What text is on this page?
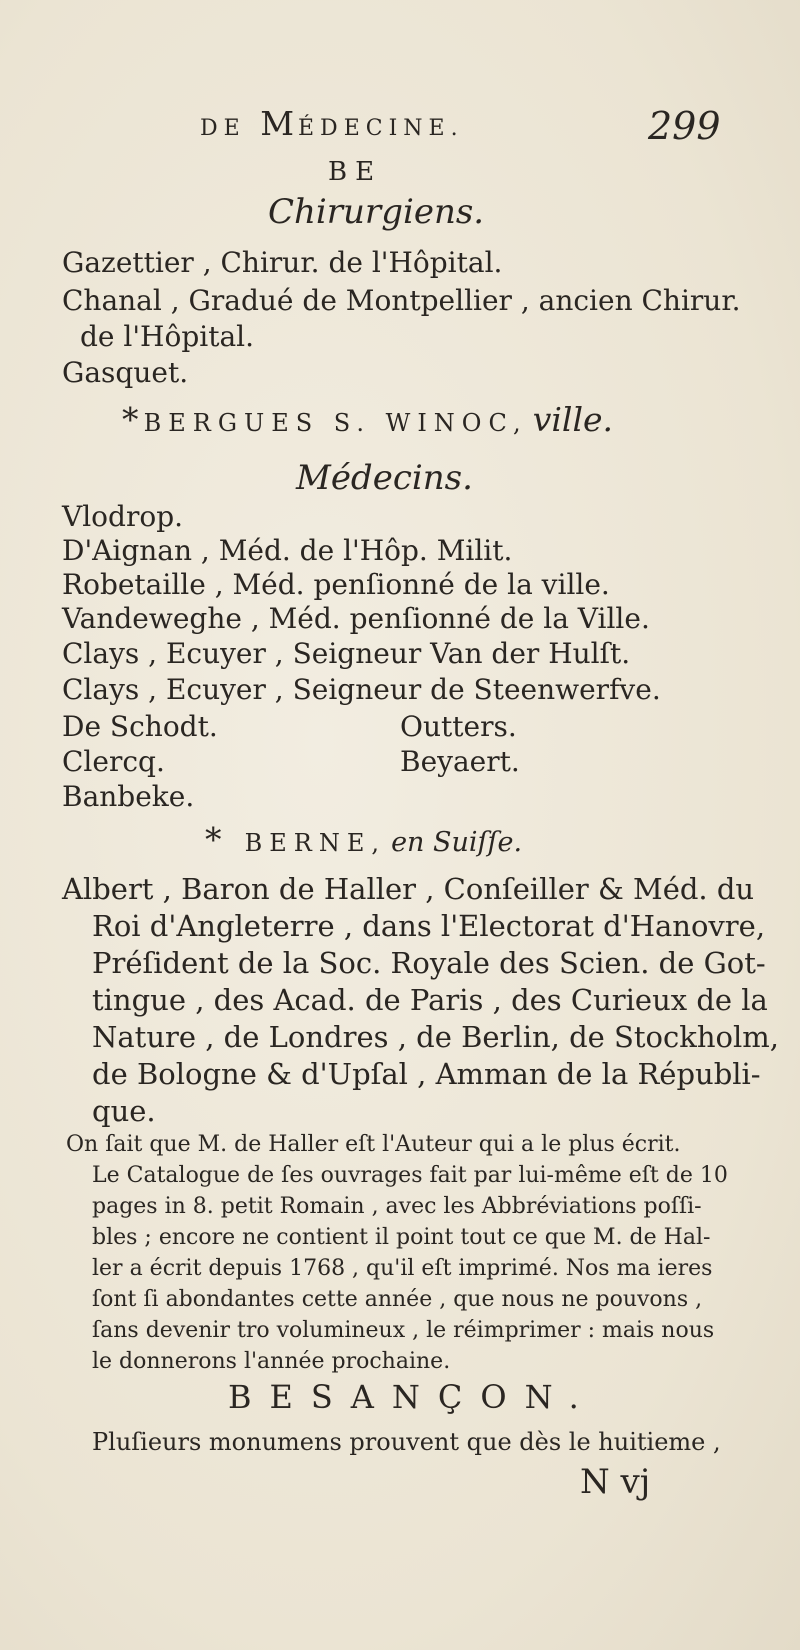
DE MÉDECINE.	299
BE
Chirurgiens.
Gazettier , Chirur. de l'Hôpital.
Chanal , Gradué de Montpellier , ancien Chirur.
de l'Hôpital.
Gasquet.
* BERGUES S. WINOC, ville.
Médecins.
Vlodrop.
D'Aignan , Méd. de l'Hôp. Milit.
Robetaille , Méd. penſionné de la ville.
Vandeweghe , Méd. penſionné de la Ville.
Clays , Ecuyer , Seigneur Van der Hulſt.
Clays , Ecuyer , Seigneur de Steenwerfve.
De Schodt.	Outters.
Clercq.	Beyaert.
Banbeke.
* BERNE, en Suiſſe.
Albert , Baron de Haller , Conſeiller & Méd. du
Roi d'Angleterre , dans l'Electorat d'Hanovre,
Préſident de la Soc. Royale des Scien. de Got-
tingue , des Acad. de Paris , des Curieux de la
Nature , de Londres , de Berlin, de Stockholm,
de Bologne & d'Upſal , Amman de la Républi-
que.
On ſait que M. de Haller eſt l'Auteur qui a le plus écrit.
Le Catalogue de ſes ouvrages fait par lui-même eſt de 10
pages in 8. petit Romain , avec les Abbréviations poſſi-
bles ; encore ne contient il point tout ce que M. de Hal-
ler a écrit depuis 1768 , qu'il eſt imprimé. Nos ma ieres
ſont ſi abondantes cette année , que nous ne pouvons ,
ſans devenir tro volumineux , le réimprimer : mais nous
le donnerons l'année prochaine.
BESANÇON.
Pluſieurs monumens prouvent que dès le huitieme ,
N vj
